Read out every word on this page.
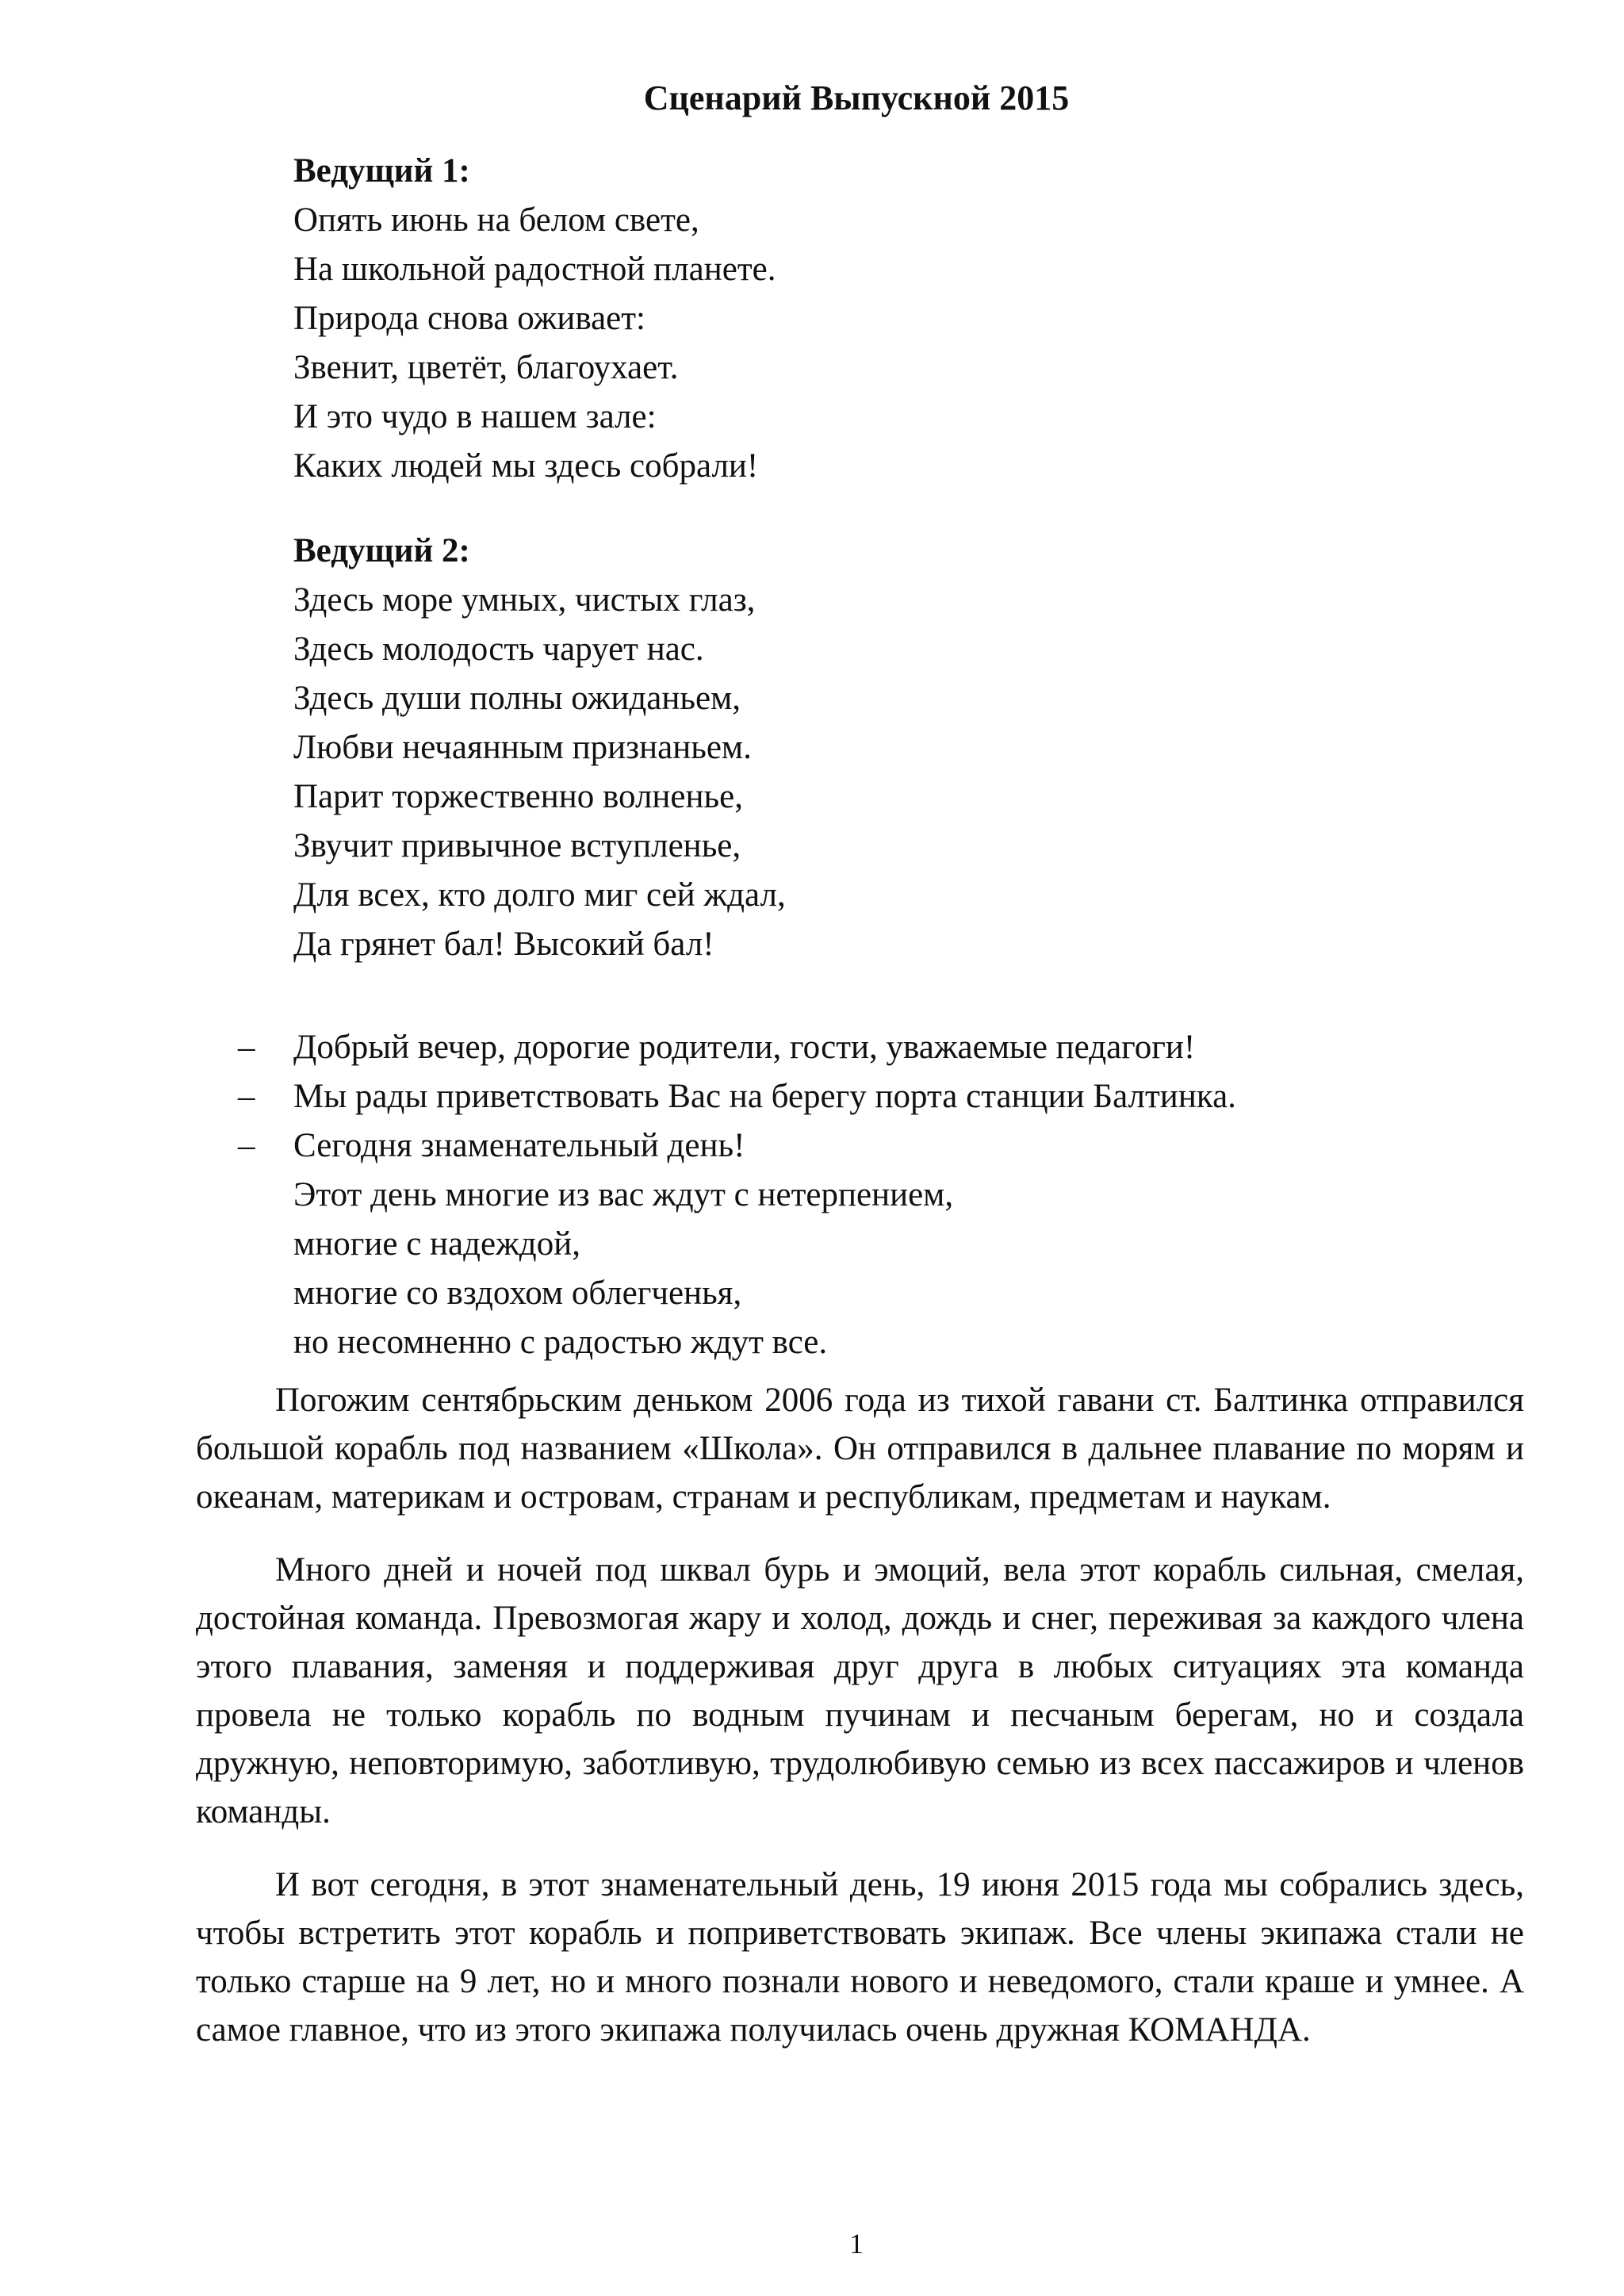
Сценарий Выпускной 2015

Ведущий 1:

Опять июнь на белом свете,

На школьной радостной планете.

Природа снова оживает:

Звенит, цветёт, благоухает.

И это чудо в нашем зале:

Каких людей мы здесь собрали!

Ведущий 2:

Здесь море умных, чистых глаз,

Здесь молодость чарует нас.

Здесь души полны ожиданьем,

Любви нечаянным признаньем.

Парит торжественно волненье,

Звучит привычное вступленье,

Для всех, кто долго миг сей ждал,

Да грянет бал! Высокий бал!

–	Добрый вечер, дорогие родители, гости, уважаемые педагоги!
–	Мы рады приветствовать Вас на берегу порта станции Балтинка.
–	Сегодня знаменательный день!
Этот день многие из вас ждут с нетерпением,
многие с надеждой,
многие со вздохом облегченья,
но несомненно с радостью ждут все.

Погожим сентябрьским деньком 2006 года из тихой гавани ст. Балтинка отправился большой корабль под названием «Школа». Он отправился в дальнее плавание по морям и океанам, материкам и островам, странам и республикам, предметам и наукам.

Много дней и ночей под шквал бурь и эмоций, вела этот корабль сильная, смелая, достойная команда. Превозмогая жару и холод, дождь и снег, переживая за каждого члена этого плавания, заменяя и поддерживая друг друга в любых ситуациях эта команда провела не только корабль по водным пучинам и песчаным берегам, но и создала дружную, неповторимую, заботливую, трудолюбивую семью из всех пассажиров и членов команды.

И вот сегодня, в этот знаменательный день, 19 июня 2015 года мы собрались здесь, чтобы встретить этот корабль и поприветствовать экипаж. Все члены экипажа стали не только старше на 9 лет, но и много познали нового и неведомого, стали краше и умнее. А самое главное, что из этого экипажа получилась очень дружная КОМАНДА.

1
